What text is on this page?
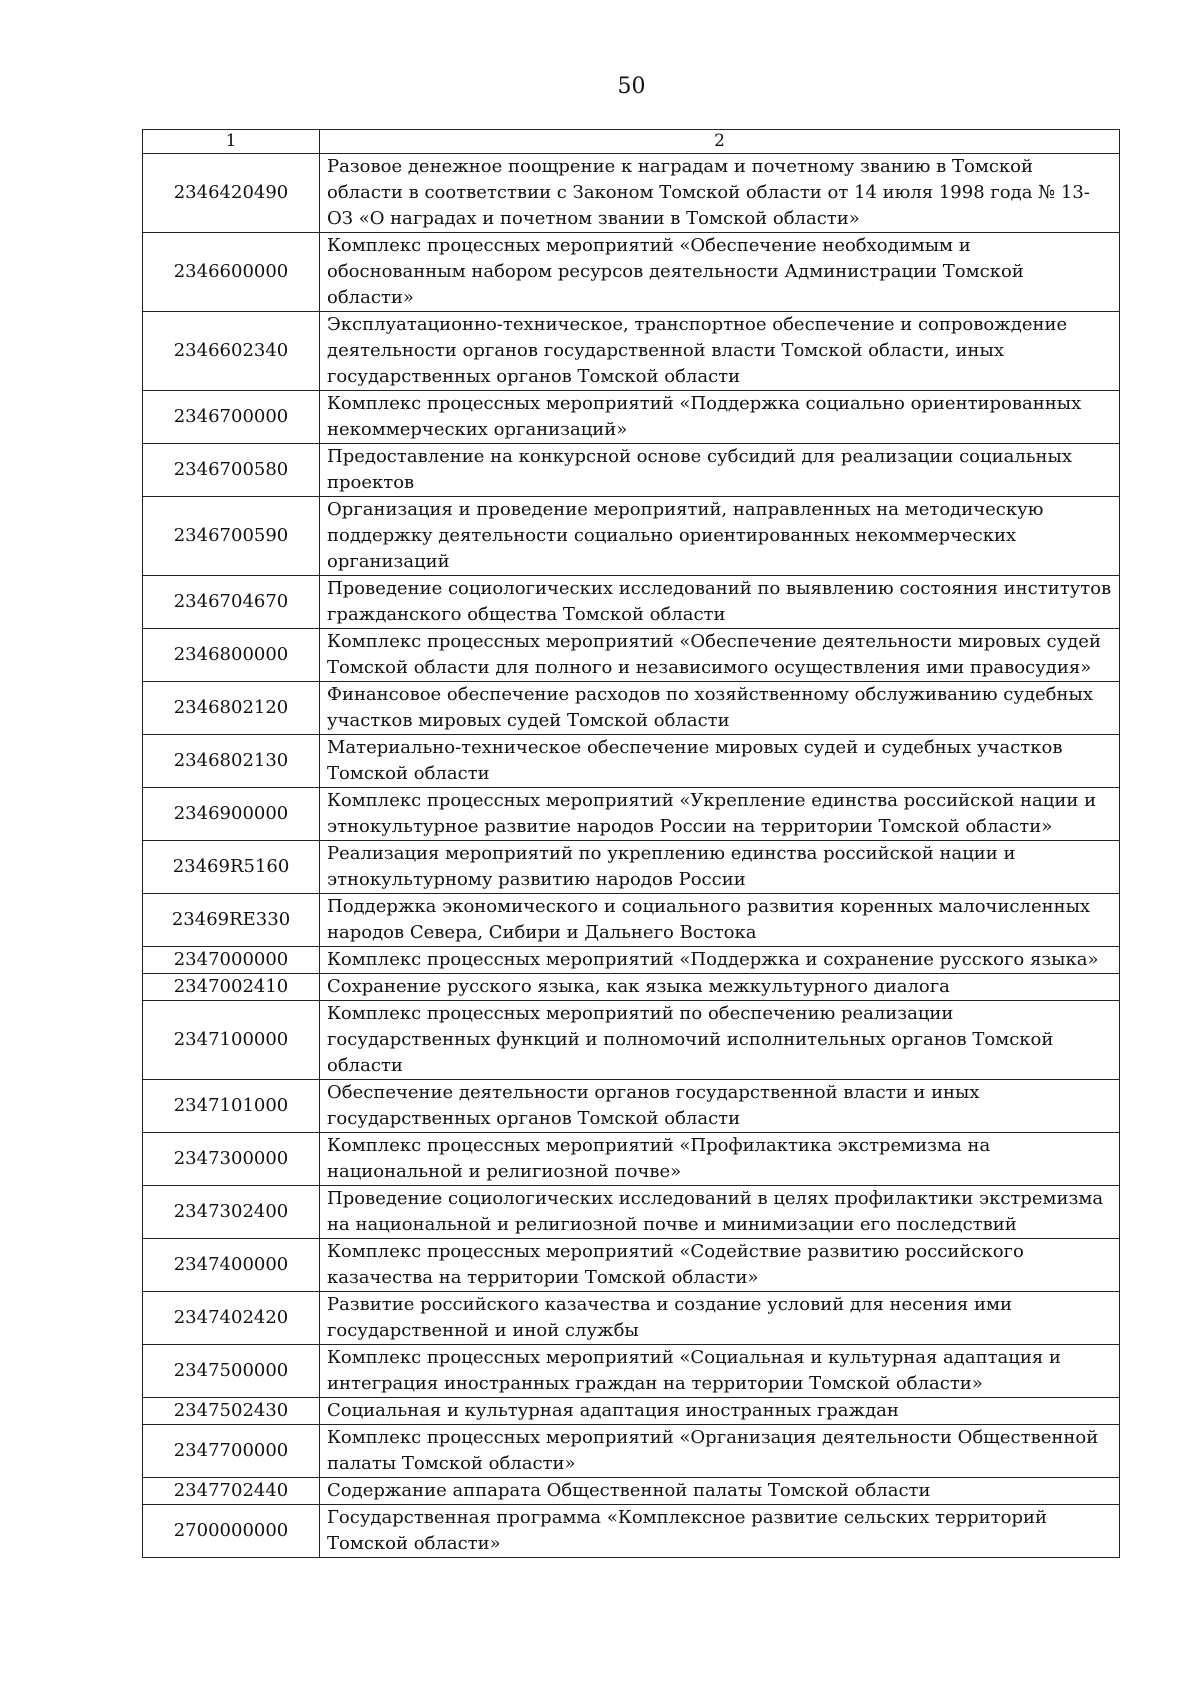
50
1	2
2346420490	Разовое денежное поощрение к наградам и почетному званию в Томской области в соответствии с Законом Томской области от 14 июля 1998 года № 13-ОЗ «О наградах и почетном звании в Томской области»
2346600000	Комплекс процессных мероприятий «Обеспечение необходимым и обоснованным набором ресурсов деятельности Администрации Томской области»
2346602340	Эксплуатационно-техническое, транспортное обеспечение и сопровождение деятельности органов государственной власти Томской области, иных государственных органов Томской области
2346700000	Комплекс процессных мероприятий «Поддержка социально ориентированных некоммерческих организаций»
2346700580	Предоставление на конкурсной основе субсидий для реализации социальных проектов
2346700590	Организация и проведение мероприятий, направленных на методическую поддержку деятельности социально ориентированных некоммерческих организаций
2346704670	Проведение социологических исследований по выявлению состояния институтов гражданского общества Томской области
2346800000	Комплекс процессных мероприятий «Обеспечение деятельности мировых судей Томской области для полного и независимого осуществления ими правосудия»
2346802120	Финансовое обеспечение расходов по хозяйственному обслуживанию судебных участков мировых судей Томской области
2346802130	Материально-техническое обеспечение мировых судей и судебных участков Томской области
2346900000	Комплекс процессных мероприятий «Укрепление единства российской нации и этнокультурное развитие народов России на территории Томской области»
23469R5160	Реализация мероприятий по укреплению единства российской нации и этнокультурному развитию народов России
23469RE330	Поддержка экономического и социального развития коренных малочисленных народов Севера, Сибири и Дальнего Востока
2347000000	Комплекс процессных мероприятий «Поддержка и сохранение русского языка»
2347002410	Сохранение русского языка, как языка межкультурного диалога
2347100000	Комплекс процессных мероприятий по обеспечению реализации государственных функций и полномочий исполнительных органов Томской области
2347101000	Обеспечение деятельности органов государственной власти и иных государственных органов Томской области
2347300000	Комплекс процессных мероприятий «Профилактика экстремизма на национальной и религиозной почве»
2347302400	Проведение социологических исследований в целях профилактики экстремизма на национальной и религиозной почве и минимизации его последствий
2347400000	Комплекс процессных мероприятий «Содействие развитию российского казачества на территории Томской области»
2347402420	Развитие российского казачества и создание условий для несения ими государственной и иной службы
2347500000	Комплекс процессных мероприятий «Социальная и культурная адаптация и интеграция иностранных граждан на территории Томской области»
2347502430	Социальная и культурная адаптация иностранных граждан
2347700000	Комплекс процессных мероприятий «Организация деятельности Общественной палаты Томской области»
2347702440	Содержание аппарата Общественной палаты Томской области
2700000000	Государственная программа «Комплексное развитие сельских территорий Томской области»
